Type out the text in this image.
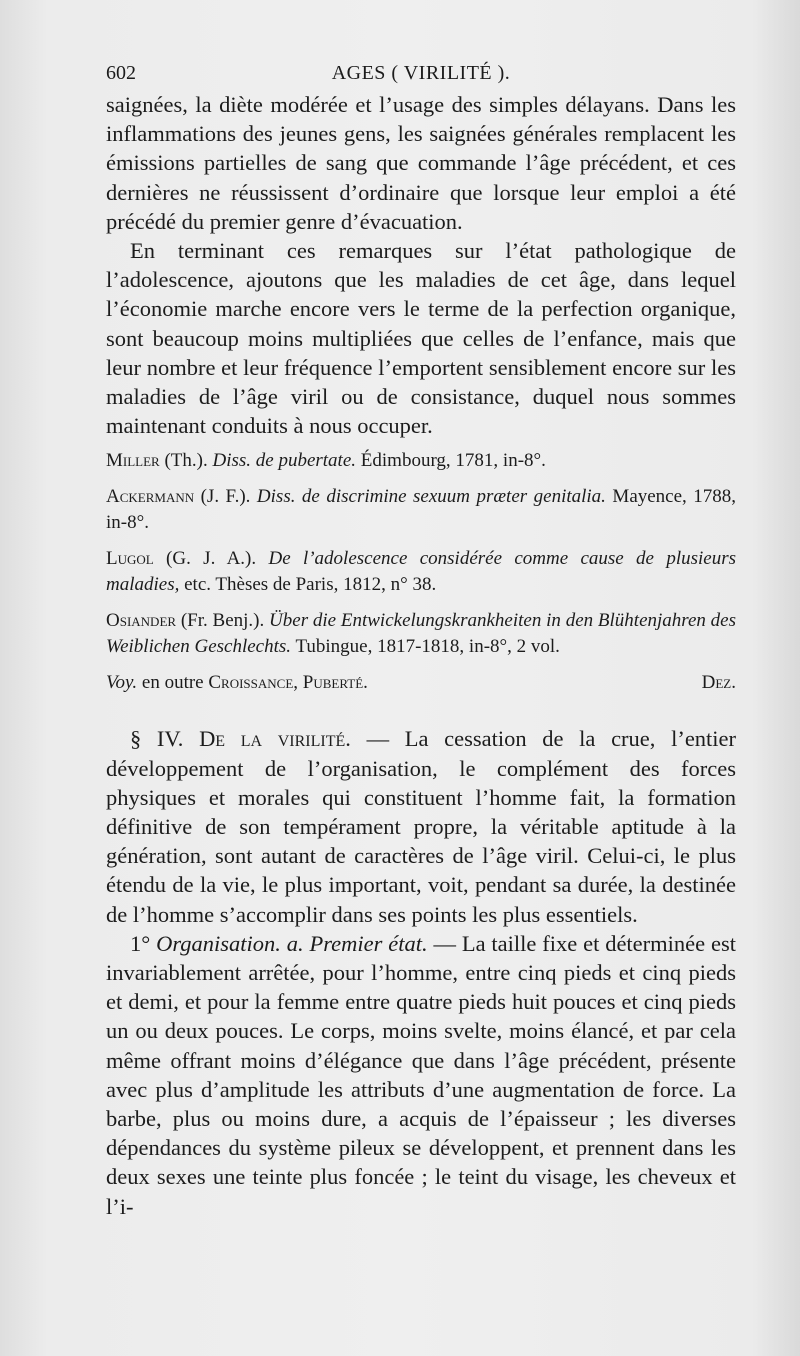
602	AGES ( VIRILITÉ ).

saignées, la diète modérée et l’usage des simples délayans. Dans les inflammations des jeunes gens, les saignées générales remplacent les émissions partielles de sang que commande l’âge précédent, et ces dernières ne réussissent d’ordinaire que lorsque leur emploi a été précédé du premier genre d’évacuation.

En terminant ces remarques sur l’état pathologique de l’adolescence, ajoutons que les maladies de cet âge, dans lequel l’économie marche encore vers le terme de la perfection organique, sont beaucoup moins multipliées que celles de l’enfance, mais que leur nombre et leur fréquence l’emportent sensiblement encore sur les maladies de l’âge viril ou de consistance, duquel nous sommes maintenant conduits à nous occuper.

Miller (Th.). Diss. de pubertate. Édimbourg, 1781, in-8°.

Ackermann (J. F.). Diss. de discrimine sexuum præter genitalia. Mayence, 1788, in-8°.

Lugol (G. J. A.). De l’adolescence considérée comme cause de plusieurs maladies, etc. Thèses de Paris, 1812, n° 38.

Osiander (Fr. Benj.). Über die Entwickelungskrankheiten in den Blühtenjahren des Weiblichen Geschlechts. Tubingue, 1817-1818, in-8°, 2 vol.

Voy. en outre Croissance, Puberté.	Dez.

§ IV. De la virilité. — La cessation de la crue, l’entier développement de l’organisation, le complément des forces physiques et morales qui constituent l’homme fait, la formation définitive de son tempérament propre, la véritable aptitude à la génération, sont autant de caractères de l’âge viril. Celui-ci, le plus étendu de la vie, le plus important, voit, pendant sa durée, la destinée de l’homme s’accomplir dans ses points les plus essentiels.

1° Organisation. a. Premier état. — La taille fixe et déterminée est invariablement arrêtée, pour l’homme, entre cinq pieds et cinq pieds et demi, et pour la femme entre quatre pieds huit pouces et cinq pieds un ou deux pouces. Le corps, moins svelte, moins élancé, et par cela même offrant moins d’élégance que dans l’âge précédent, présente avec plus d’amplitude les attributs d’une augmentation de force. La barbe, plus ou moins dure, a acquis de l’épaisseur ; les diverses dépendances du système pileux se développent, et prennent dans les deux sexes une teinte plus foncée ; le teint du visage, les cheveux et l’i-
